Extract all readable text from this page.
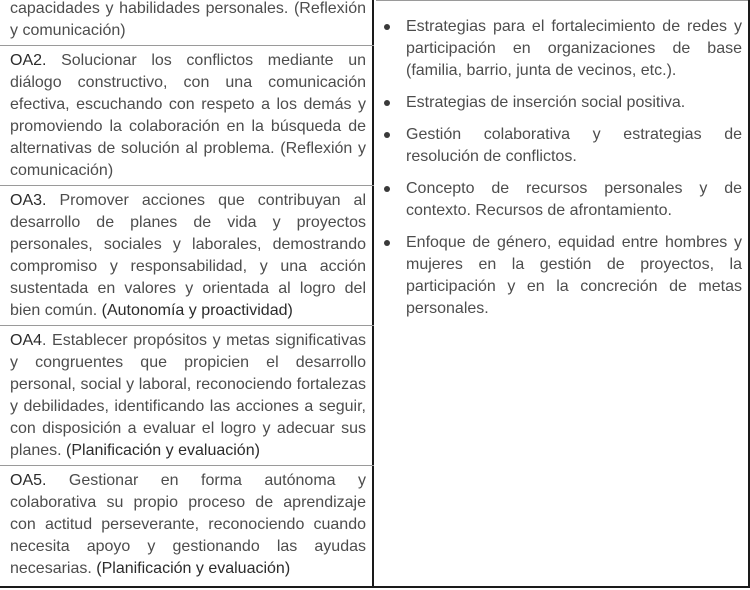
capacidades y habilidades personales. (Reflexión y comunicación)
OA2. Solucionar los conflictos mediante un diálogo constructivo, con una comunicación efectiva, escuchando con respeto a los demás y promoviendo la colaboración en la búsqueda de alternativas de solución al problema. (Reflexión y comunicación)
OA3. Promover acciones que contribuyan al desarrollo de planes de vida y proyectos personales, sociales y laborales, demostrando compromiso y responsabilidad, y una acción sustentada en valores y orientada al logro del bien común. (Autonomía y proactividad)
OA4. Establecer propósitos y metas significativas y congruentes que propicien el desarrollo personal, social y laboral, reconociendo fortalezas y debilidades, identificando las acciones a seguir, con disposición a evaluar el logro y adecuar sus planes. (Planificación y evaluación)
OA5. Gestionar en forma autónoma y colaborativa su propio proceso de aprendizaje con actitud perseverante, reconociendo cuando necesita apoyo y gestionando las ayudas necesarias. (Planificación y evaluación)
Estrategias para el fortalecimiento de redes y participación en organizaciones de base (familia, barrio, junta de vecinos, etc.).
Estrategias de inserción social positiva.
Gestión colaborativa y estrategias de resolución de conflictos.
Concepto de recursos personales y de contexto. Recursos de afrontamiento.
Enfoque de género, equidad entre hombres y mujeres en la gestión de proyectos, la participación y en la concreción de metas personales.
